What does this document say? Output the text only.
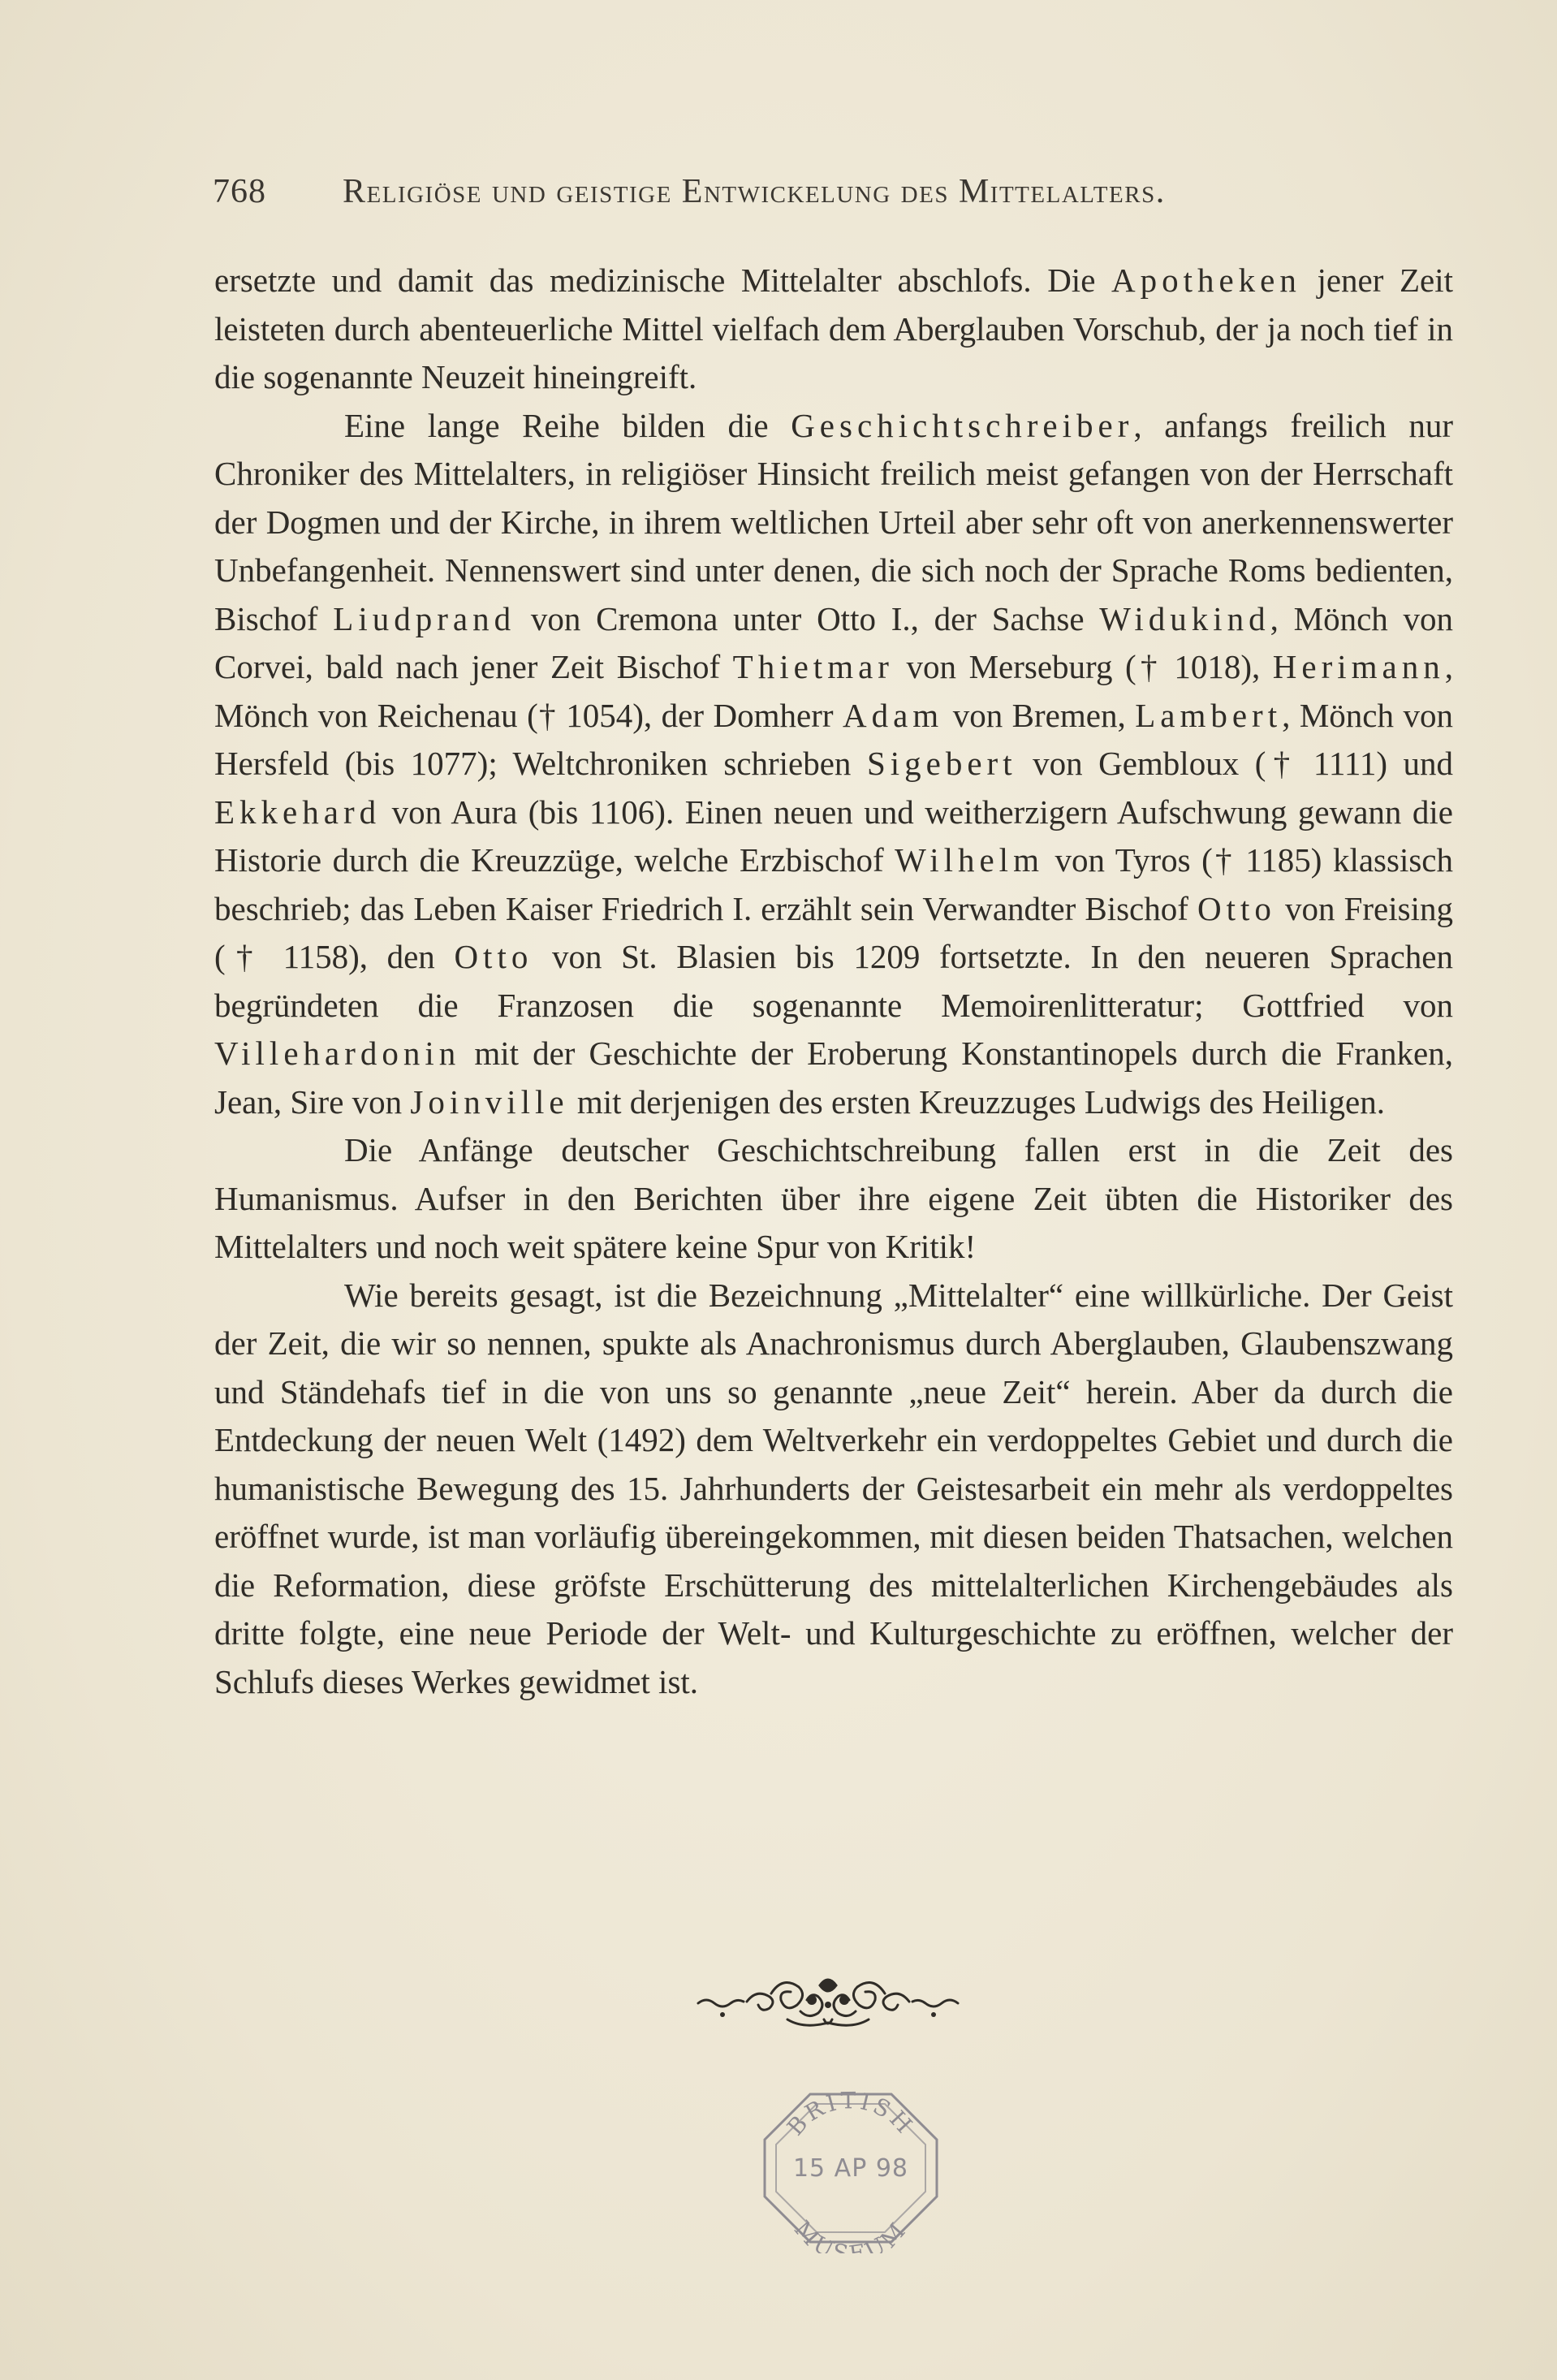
768 Religiöse und geistige Entwickelung des Mittelalters.

ersetzte und damit das medizinische Mittelalter abschlofs. Die Apotheken jener Zeit leisteten durch abenteuerliche Mittel vielfach dem Aberglauben Vorschub, der ja noch tief in die sogenannte Neuzeit hineingreift.

Eine lange Reihe bilden die Geschichtschreiber, anfangs freilich nur Chroniker des Mittelalters, in religiöser Hinsicht freilich meist gefangen von der Herrschaft der Dogmen und der Kirche, in ihrem weltlichen Urteil aber sehr oft von anerkennenswerter Unbefangenheit. Nennenswert sind unter denen, die sich noch der Sprache Roms bedienten, Bischof Liudprand von Cremona unter Otto I., der Sachse Widukind, Mönch von Corvei, bald nach jener Zeit Bischof Thietmar von Merseburg († 1018), Herimann, Mönch von Reichenau († 1054), der Domherr Adam von Bremen, Lambert, Mönch von Hersfeld (bis 1077); Weltchroniken schrieben Sigebert von Gembloux († 1111) und Ekkehard von Aura (bis 1106). Einen neuen und weitherzigern Aufschwung gewann die Historie durch die Kreuzzüge, welche Erzbischof Wilhelm von Tyros († 1185) klassisch beschrieb; das Leben Kaiser Friedrich I. erzählt sein Verwandter Bischof Otto von Freising († 1158), den Otto von St. Blasien bis 1209 fortsetzte. In den neueren Sprachen begründeten die Franzosen die sogenannte Memoirenlitteratur; Gottfried von Villehardonin mit der Geschichte der Eroberung Konstantinopels durch die Franken, Jean, Sire von Joinville mit derjenigen des ersten Kreuzzuges Ludwigs des Heiligen.

Die Anfänge deutscher Geschichtschreibung fallen erst in die Zeit des Humanismus. Aufser in den Berichten über ihre eigene Zeit übten die Historiker des Mittelalters und noch weit spätere keine Spur von Kritik!

Wie bereits gesagt, ist die Bezeichnung „Mittelalter“ eine willkürliche. Der Geist der Zeit, die wir so nennen, spukte als Anachronismus durch Aberglauben, Glaubenszwang und Ständehafs tief in die von uns so genannte „neue Zeit“ herein. Aber da durch die Entdeckung der neuen Welt (1492) dem Weltverkehr ein verdoppeltes Gebiet und durch die humanistische Bewegung des 15. Jahrhunderts der Geistesarbeit ein mehr als verdoppeltes eröffnet wurde, ist man vorläufig übereingekommen, mit diesen beiden Thatsachen, welchen die Reformation, diese gröfste Erschütterung des mittelalterlichen Kirchengebäudes als dritte folgte, eine neue Periode der Welt- und Kulturgeschichte zu eröffnen, welcher der Schlufs dieses Werkes gewidmet ist.

BRITISH
MUSEUM
15 AP 98
